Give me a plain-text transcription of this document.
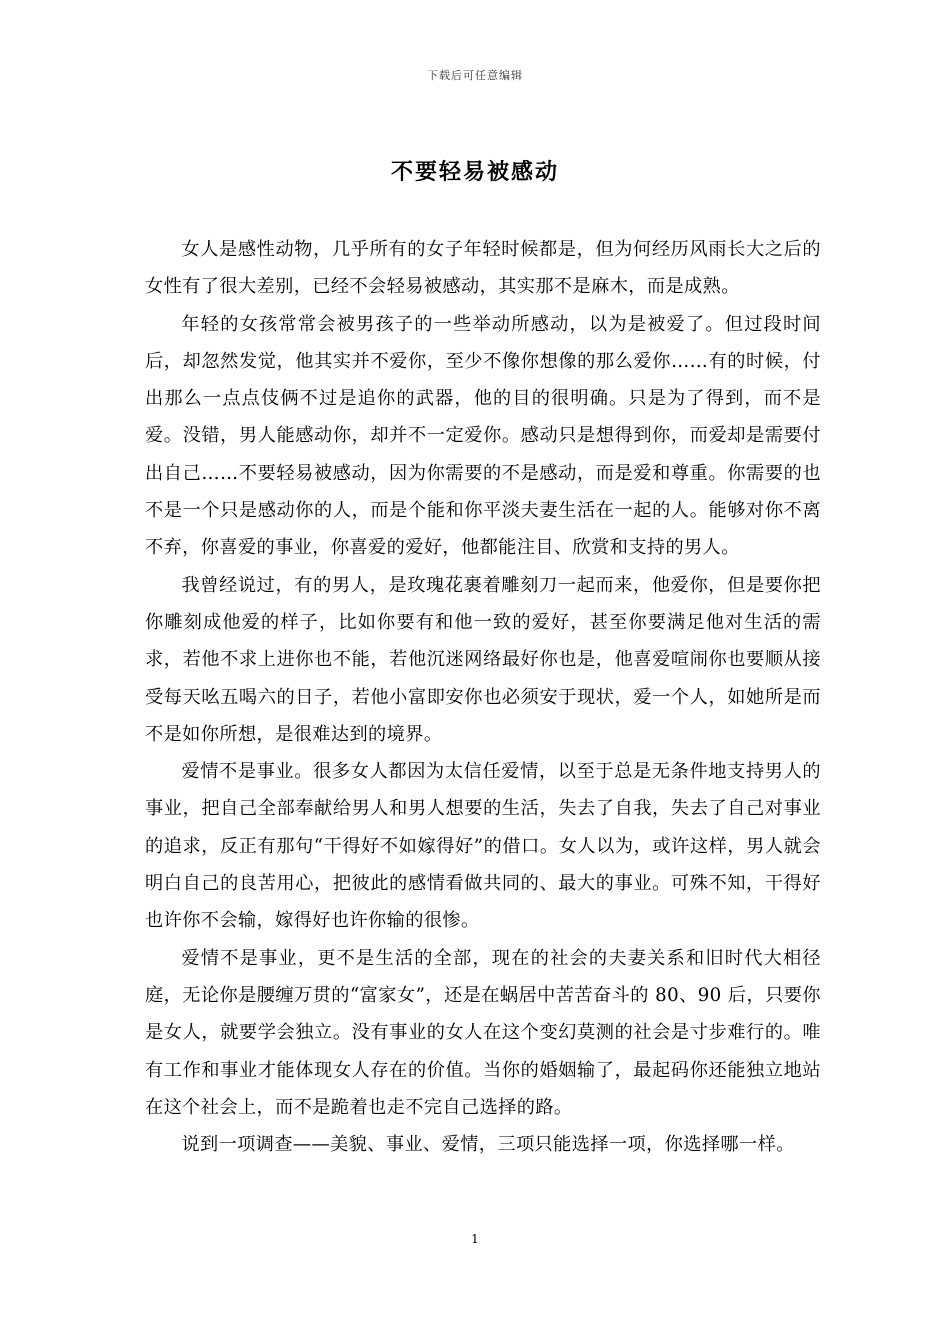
下载后可任意编辑
不要轻易被感动

女人是感性动物，几乎所有的女子年轻时候都是，但为何经历风雨长大之后的女性有了很大差别，已经不会轻易被感动，其实那不是麻木，而是成熟。

年轻的女孩常常会被男孩子的一些举动所感动，以为是被爱了。但过段时间后，却忽然发觉，他其实并不爱你，至少不像你想像的那么爱你……有的时候，付出那么一点点伎俩不过是追你的武器，他的目的很明确。只是为了得到，而不是爱。没错，男人能感动你，却并不一定爱你。感动只是想得到你，而爱却是需要付出自己……不要轻易被感动，因为你需要的不是感动，而是爱和尊重。你需要的也不是一个只是感动你的人，而是个能和你平淡夫妻生活在一起的人。能够对你不离不弃，你喜爱的事业，你喜爱的爱好，他都能注目、欣赏和支持的男人。

我曾经说过，有的男人，是玫瑰花裹着雕刻刀一起而来，他爱你，但是要你把你雕刻成他爱的样子，比如你要有和他一致的爱好，甚至你要满足他对生活的需求，若他不求上进你也不能，若他沉迷网络最好你也是，他喜爱喧闹你也要顺从接受每天吆五喝六的日子，若他小富即安你也必须安于现状，爱一个人，如她所是而不是如你所想，是很难达到的境界。

爱情不是事业。很多女人都因为太信任爱情，以至于总是无条件地支持男人的事业，把自己全部奉献给男人和男人想要的生活，失去了自我，失去了自己对事业的追求，反正有那句“干得好不如嫁得好”的借口。女人以为，或许这样，男人就会明白自己的良苦用心，把彼此的感情看做共同的、最大的事业。可殊不知，干得好也许你不会输，嫁得好也许你输的很惨。

爱情不是事业，更不是生活的全部，现在的社会的夫妻关系和旧时代大相径庭，无论你是腰缠万贯的“富家女”，还是在蜗居中苦苦奋斗的 80、90 后，只要你是女人，就要学会独立。没有事业的女人在这个变幻莫测的社会是寸步难行的。唯有工作和事业才能体现女人存在的价值。当你的婚姻输了，最起码你还能独立地站在这个社会上，而不是跪着也走不完自己选择的路。

说到一项调查——美貌、事业、爱情，三项只能选择一项，你选择哪一样。

1
